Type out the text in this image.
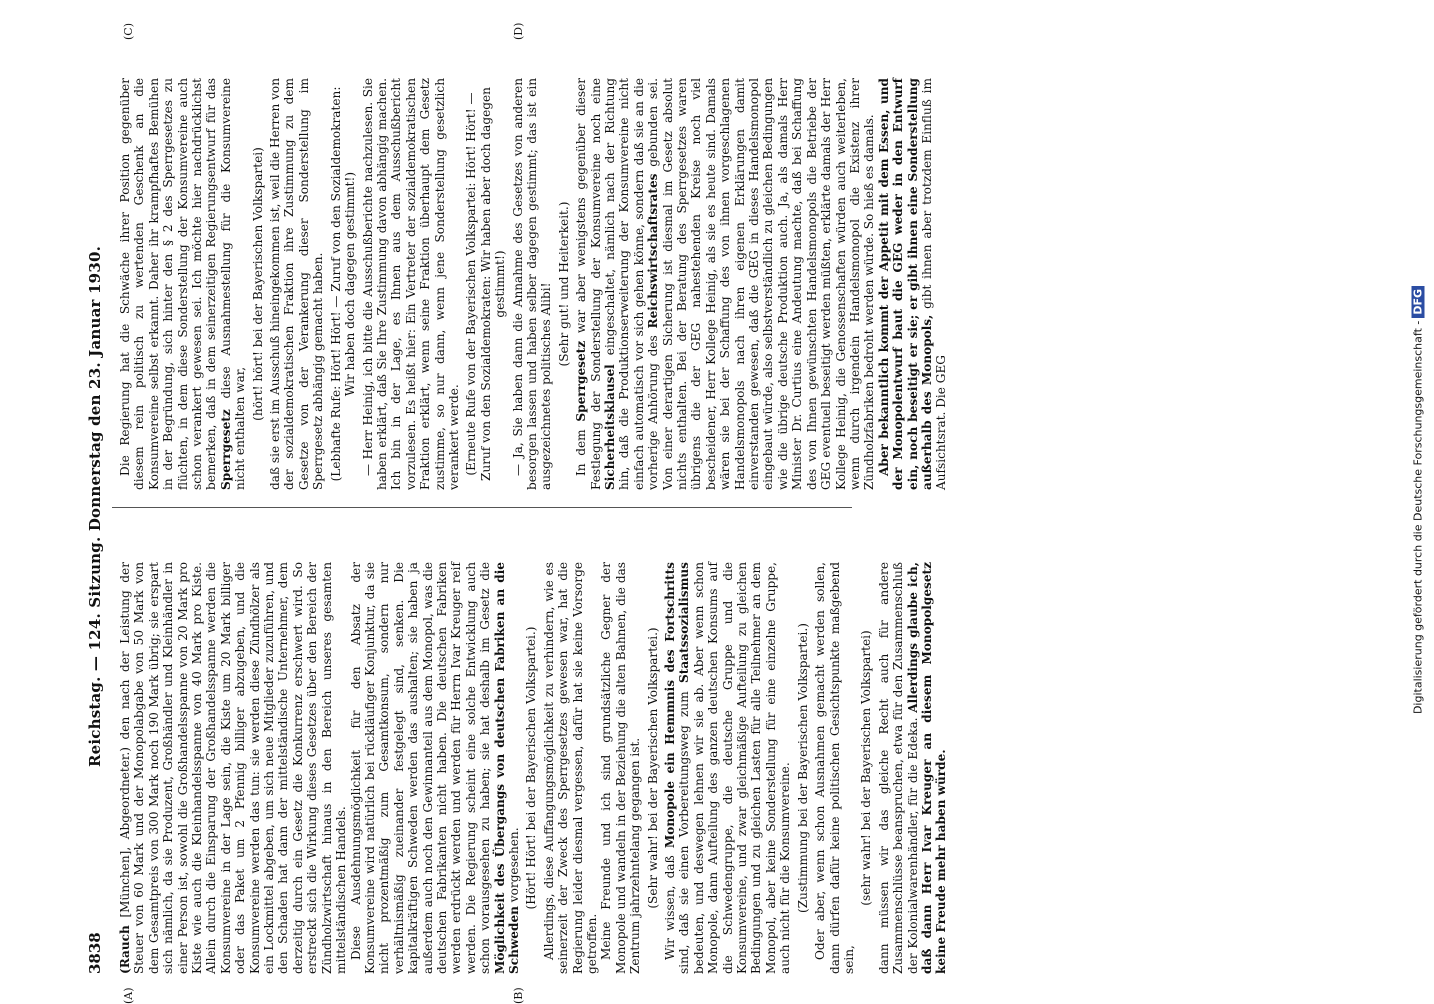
3838
Reichstag. — 124. Sitzung. Donnerstag den 23. Januar 1930.
(A)	(B)
(C)	(D)

(Rauch [München], Abgeordneter.) den nach der Leistung der Steuer von 60 Mark und der Monopolabgabe von 50 Mark von dem Gesamtpreis von 300 Mark noch 190 Mark übrig; sie erspart sich nämlich, da sie Produzent, Großhändler und Kleinhändler in einer Person ist, sowohl die Großhandelsspanne von 20 Mark pro Kiste wie auch die Kleinhandelsspanne von 40 Mark pro Kiste. Allein durch die Einsparung der Großhandelsspanne werden die Konsumvereine in der Lage sein, die Kiste um 20 Mark billiger oder das Paket um 2 Pfennig billiger abzugeben, und die Konsumvereine werden das tun: sie werden diese Zündhölzer als ein Lockmittel abgeben, um sich neue Mitglieder zuzuführen, und den Schaden hat dann der mittelständische Unternehmer, dem derzeitig durch ein Gesetz die Konkurrenz erschwert wird. So erstreckt sich die Wirkung dieses Gesetzes über den Bereich der Zündholzwirtschaft hinaus in den Bereich unseres gesamten mittelständischen Handels. Diese Ausdehnungsmöglichkeit für den Absatz der Konsumvereine wird natürlich bei rückläufiger Konjunktur, da sie nicht prozentmäßig zum Gesamtkonsum, sondern nur verhältnismäßig zueinander festgelegt sind, senken. Die kapitalkräftigen Schweden werden das aushalten; sie haben ja außerdem auch noch den Gewinnanteil aus dem Monopol, was die deutschen Fabrikanten nicht haben. Die deutschen Fabriken werden erdrückt werden und werden für Herrn Ivar Kreuger reif werden. Die Regierung scheint eine solche Entwicklung auch schon vorausgesehen zu haben; sie hat deshalb im Gesetz die Möglichkeit des Übergangs von deutschen Fabriken an die Schweden vorgesehen. (Hört! Hört! bei der Bayerischen Volkspartei.) Allerdings, diese Auffangungsmöglichkeit zu verhindern, wie es seinerzeit der Zweck des Sperrgesetzes gewesen war, hat die Regierung leider diesmal vergessen, dafür hat sie keine Vorsorge getroffen. Meine Freunde und ich sind grundsätzliche Gegner der Monopole und wandeln in der Beziehung die alten Bahnen, die das Zentrum jahrzehntelang gegangen ist. (Sehr wahr! bei der Bayerischen Volkspartei.) Wir wissen, daß Monopole ein Hemmnis des Fortschritts sind, daß sie einen Vorbereitungsweg zum Staatssozialismus bedeuten, und deswegen lehnen wir sie ab. Aber wenn schon Monopole, dann Aufteilung des ganzen deutschen Konsums auf die Schwedengruppe, die deutsche Gruppe und die Konsumvereine, und zwar gleichmäßige Aufteilung zu gleichen Bedingungen und zu gleichen Lasten für alle Teilnehmer an dem Monopol, aber keine Sonderstellung für eine einzelne Gruppe, auch nicht für die Konsumvereine. (Zustimmung bei der Bayerischen Volkspartei.) Oder aber, wenn schon Ausnahmen gemacht werden sollen, dann dürfen dafür keine politischen Gesichtspunkte maßgebend sein,

(sehr wahr! bei der Bayerischen Volkspartei) dann müssen wir das gleiche Recht auch für andere Zusammenschlüsse beanspruchen, etwa für den Zusammenschluß der Kolonialwarenhändler, für die Edeka. Allerdings glaube ich, daß dann Herr Ivar Kreuger an diesem Monopolgesetz keine Freude mehr haben würde.

Die Regierung hat die Schwäche ihrer Position gegenüber diesem rein politisch zu wertenden Geschenk an die Konsumvereine selbst erkannt. Daher ihr krampfhaftes Bemühen in der Begründung, sich hinter den § 2 des Sperrgesetzes zu flüchten, in dem diese Sonderstellung der Konsumvereine auch schon verankert gewesen sei. Ich möchte hier nachdrücklichst bemerken, daß in dem seinerzeitigen Regierungsentwurf für das Sperrgesetz diese Ausnahmestellung für die Konsumvereine nicht enthalten war,

(hört! hört! bei der Bayerischen Volkspartei) daß sie erst im Ausschuß hineingekommen ist, weil die Herren von der sozialdemokratischen Fraktion ihre Zustimmung zu dem Gesetze von der Verankerung dieser Sonderstellung im Sperrgesetz abhängig gemacht haben. (Lebhafte Rufe: Hört! Hört! — Zuruf von den Sozialdemokraten: Wir haben doch dagegen gestimmt!) — Herr Heinig, ich bitte die Ausschußberichte nachzulesen. Sie haben erklärt, daß Sie Ihre Zustimmung davon abhängig machen. Ich bin in der Lage, es Ihnen aus dem Ausschußbericht vorzulesen. Es heißt hier: Ein Vertreter der sozialdemokratischen Fraktion erklärt, wenn seine Fraktion überhaupt dem Gesetz zustimme, so nur dann, wenn jene Sonderstellung gesetzlich verankert werde. (Erneute Rufe von der Bayerischen Volkspartei: Hört! Hört! — Zuruf von den Sozialdemokraten: Wir haben aber doch dagegen gestimmt!) — Ja, Sie haben dann die Annahme des Gesetzes von anderen besorgen lassen und haben selber dagegen gestimmt; das ist ein ausgezeichnetes politisches Alibi! (Sehr gut! und Heiterkeit.)

In dem Sperrgesetz war aber wenigstens gegenüber dieser Festlegung der Sonderstellung der Konsumvereine noch eine Sicherheitsklausel eingeschaltet, nämlich nach der Richtung hin, daß die Produktionserweiterung der Konsumvereine nicht einfach automatisch vor sich gehen könne, sondern daß sie an die vorherige Anhörung des Reichswirtschaftsrates gebunden sei. Von einer derartigen Sicherung ist diesmal im Gesetz absolut nichts enthalten. Bei der Beratung des Sperrgesetzes waren übrigens die der GEG nahestehenden Kreise noch viel bescheidener, Herr Kollege Heinig, als sie es heute sind. Damals wären sie bei der Schaffung des von ihnen vorgeschlagenen Handelsmonopols nach ihren eigenen Erklärungen damit einverstanden gewesen, daß die GEG in dieses Handelsmonopol eingebaut würde, also selbstverständlich zu gleichen Bedingungen wie die übrige deutsche Produktion auch. Ja, als damals Herr Minister Dr. Curtius eine Andeutung machte, daß bei Schaffung des von Ihnen gewünschten Handelsmonopols die Betriebe der GEG eventuell beseitigt werden müßten, erklärte damals der Herr Kollege Heinig, die Genossenschaften würden auch weiterleben, wenn durch irgendein Handelsmonopol die Existenz ihrer Zündholzfabriken bedroht werden würde. So hieß es damals. Aber bekanntlich kommt der Appetit mit dem Essen, und der Monopolentwurf baut die GEG weder in den Entwurf ein, noch beseitigt er sie; er gibt ihnen eine Sonderstellung außerhalb des Monopols, gibt ihnen aber trotzdem Einfluß im Aufsichtsrat. Die GEG	Digitalisierung gefördert durch die Deutsche Forschungsgemeinschaft -DFG
